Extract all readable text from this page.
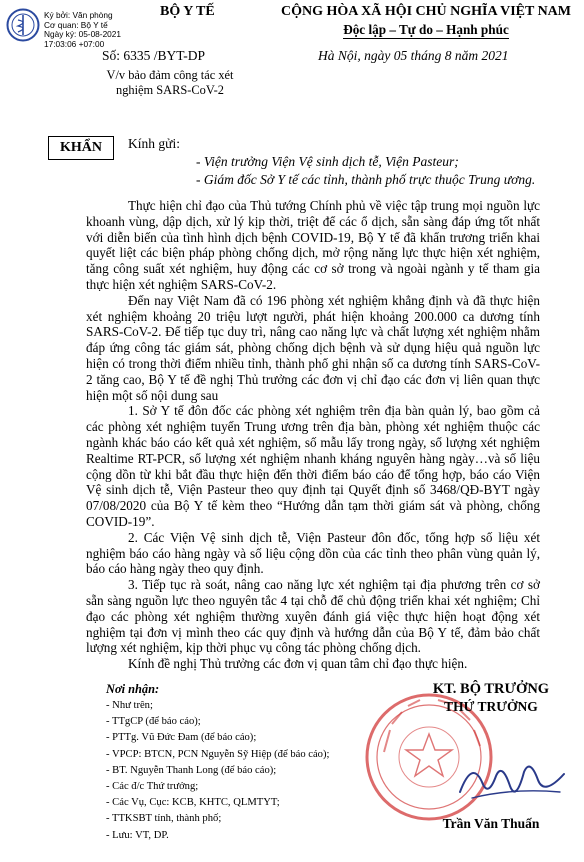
Ký bởi: Văn phòng
Cơ quan: Bộ Y tế
Ngày ký: 05-08-2021
17:03:06 +07:00
BỘ Y TẾ	CỘNG HÒA XÃ HỘI CHỦ NGHĨA VIỆT NAM
Độc lập – Tự do – Hạnh phúc
Số: 6335 /BYT-DP	Hà Nội, ngày 05 tháng 8 năm 2021
V/v bảo đảm công tác xét
nghiệm SARS-CoV-2
KHẨN	Kính gửi:
- Viện trưởng Viện Vệ sinh dịch tễ, Viện Pasteur;
- Giám đốc Sở Y tế các tỉnh, thành phố trực thuộc Trung ương.

Thực hiện chỉ đạo của Thủ tướng Chính phủ về việc tập trung mọi nguồn lực khoanh vùng, dập dịch, xử lý kịp thời, triệt để các ổ dịch, sẵn sàng đáp ứng tốt nhất với diễn biến của tình hình dịch bệnh COVID-19, Bộ Y tế đã khẩn trương triển khai quyết liệt các biện pháp phòng chống dịch, mở rộng năng lực thực hiện xét nghiệm, tăng công suất xét nghiệm, huy động các cơ sở trong và ngoài ngành y tế tham gia thực hiện xét nghiệm SARS-CoV-2.

Đến nay Việt Nam đã có 196 phòng xét nghiệm khẳng định và đã thực hiện xét nghiệm khoảng 20 triệu lượt người, phát hiện khoảng 200.000 ca dương tính SARS-CoV-2. Để tiếp tục duy trì, nâng cao năng lực và chất lượng xét nghiệm nhằm đáp ứng công tác giám sát, phòng chống dịch bệnh và sử dụng hiệu quả nguồn lực hiện có trong thời điểm nhiều tỉnh, thành phố ghi nhận số ca dương tính SARS-CoV-2 tăng cao, Bộ Y tế đề nghị Thủ trưởng các đơn vị chỉ đạo các đơn vị liên quan thực hiện một số nội dung sau

1. Sở Y tế đôn đốc các phòng xét nghiệm trên địa bàn quản lý, bao gồm cả các phòng xét nghiệm tuyến Trung ương trên địa bàn, phòng xét nghiệm thuộc các ngành khác báo cáo kết quả xét nghiệm, số mẫu lấy trong ngày, số lượng xét nghiệm Realtime RT-PCR, số lượng xét nghiệm nhanh kháng nguyên hàng ngày…và số liệu cộng dồn từ khi bắt đầu thực hiện đến thời điểm báo cáo để tổng hợp, báo cáo Viện Vệ sinh dịch tễ, Viện Pasteur theo quy định tại Quyết định số 3468/QĐ-BYT ngày 07/08/2020 của Bộ Y tế kèm theo “Hướng dẫn tạm thời giám sát và phòng, chống COVID-19”.

2. Các Viện Vệ sinh dịch tễ, Viện Pasteur đôn đốc, tổng hợp số liệu xét nghiệm báo cáo hàng ngày và số liệu cộng dồn của các tỉnh theo phân vùng quản lý, báo cáo hàng ngày theo quy định.

3. Tiếp tục rà soát, nâng cao năng lực xét nghiệm tại địa phương trên cơ sở sẵn sàng nguồn lực theo nguyên tắc 4 tại chỗ để chủ động triển khai xét nghiệm; Chỉ đạo các phòng xét nghiệm thường xuyên đánh giá việc thực hiện hoạt động xét nghiệm tại đơn vị mình theo các quy định và hướng dẫn của Bộ Y tế, đảm bảo chất lượng xét nghiệm, kịp thời phục vụ công tác phòng chống dịch.

Kính đề nghị Thủ trưởng các đơn vị quan tâm chỉ đạo thực hiện.

Nơi nhận:
- Như trên;
- TTgCP (để báo cáo);
- PTTg. Vũ Đức Đam (để báo cáo);
- VPCP: BTCN, PCN Nguyễn Sỹ Hiệp (để báo cáo);
- BT. Nguyễn Thanh Long (để báo cáo);
- Các đ/c Thứ trưởng;
- Các Vụ, Cục: KCB, KHTC, QLMTYT;
- TTKSBT tỉnh, thành phố;
- Lưu: VT, DP.
KT. BỘ TRƯỞNG
THỨ TRƯỞNG
Trần Văn Thuấn
